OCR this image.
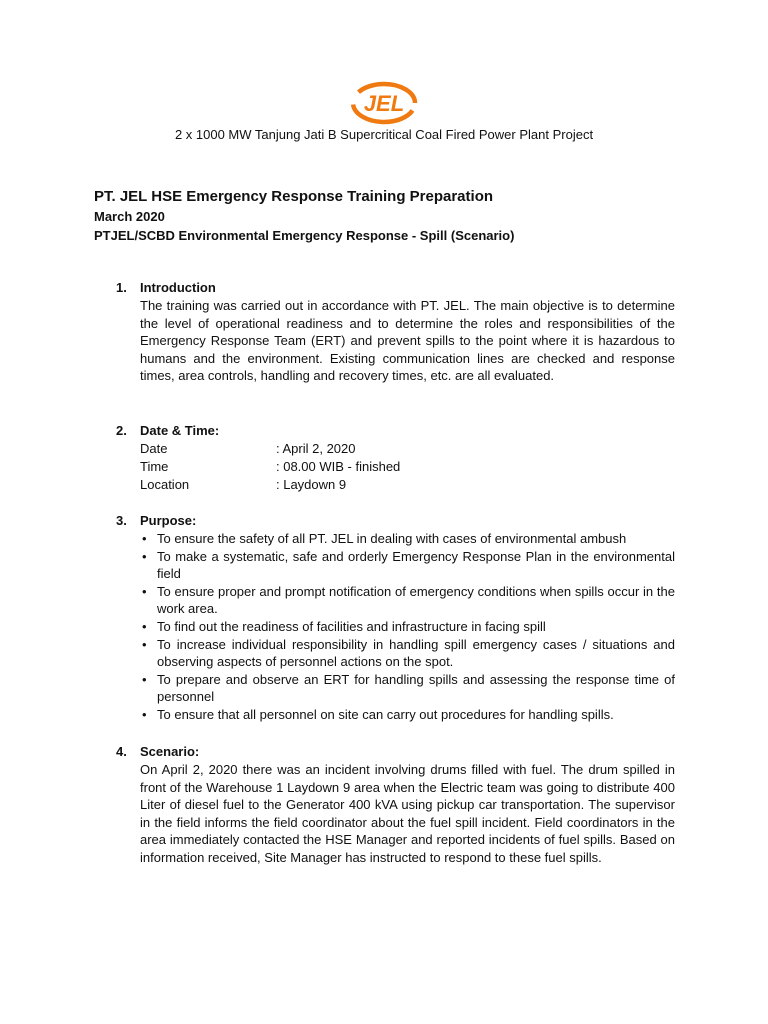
JEL
2 x 1000 MW Tanjung Jati B Supercritical Coal Fired Power Plant Project
PT. JEL HSE Emergency Response Training Preparation
March 2020
PTJEL/SCBD Environmental Emergency Response - Spill (Scenario)
1. Introduction
The training was carried out in accordance with PT. JEL. The main objective is to determine the level of operational readiness and to determine the roles and responsibilities of the Emergency Response Team (ERT) and prevent spills to the point where it is hazardous to humans and the environment. Existing communication lines are checked and response times, area controls, handling and recovery times, etc. are all evaluated.
2. Date & Time:
Date	: April 2, 2020
Time	: 08.00 WIB - finished
Location	: Laydown 9
3. Purpose:
• To ensure the safety of all PT. JEL in dealing with cases of environmental ambush
• To make a systematic, safe and orderly Emergency Response Plan in the environmental field
• To ensure proper and prompt notification of emergency conditions when spills occur in the work area.
• To find out the readiness of facilities and infrastructure in facing spill
• To increase individual responsibility in handling spill emergency cases / situations and observing aspects of personnel actions on the spot.
• To prepare and observe an ERT for handling spills and assessing the response time of personnel
• To ensure that all personnel on site can carry out procedures for handling spills.
4. Scenario:
On April 2, 2020 there was an incident involving drums filled with fuel. The drum spilled in front of the Warehouse 1 Laydown 9 area when the Electric team was going to distribute 400 Liter of diesel fuel to the Generator 400 kVA using pickup car transportation. The supervisor in the field informs the field coordinator about the fuel spill incident. Field coordinators in the area immediately contacted the HSE Manager and reported incidents of fuel spills. Based on information received, Site Manager has instructed to respond to these fuel spills.
